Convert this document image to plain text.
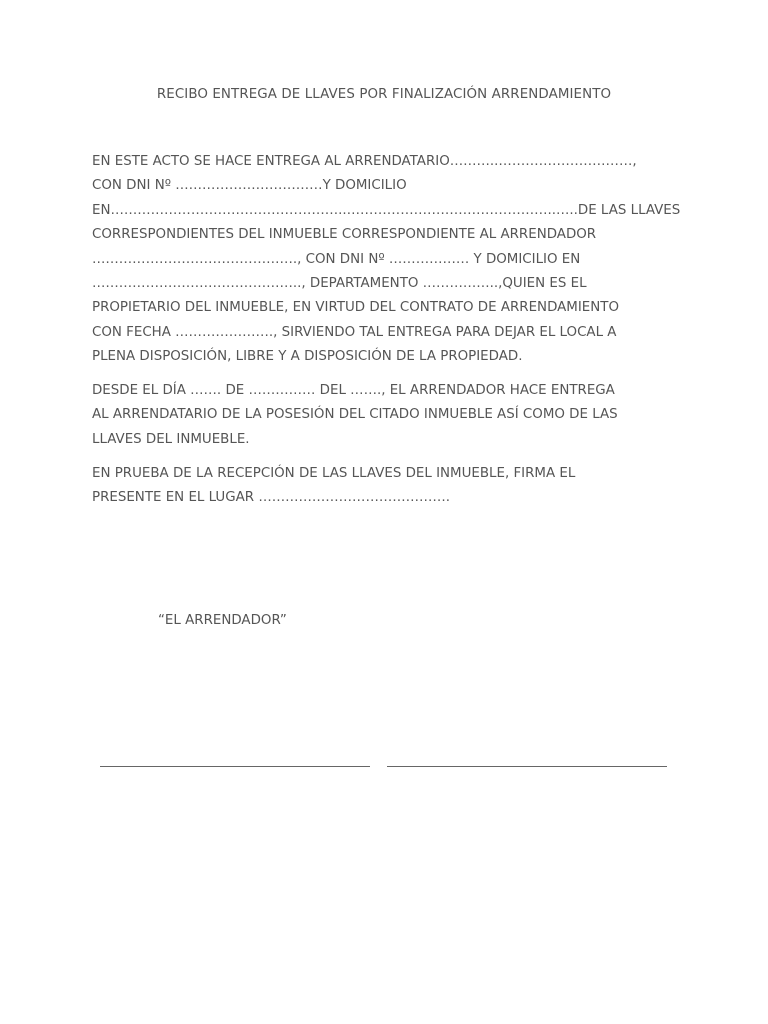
RECIBO ENTREGA DE LLAVES POR FINALIZACIÓN ARRENDAMIENTO
EN ESTE ACTO SE HACE ENTREGA AL ARRENDATARIO………..…………………………,
CON DNI Nº ……………………………Y DOMICILIO
EN……………………………………………..………………………………………..…..DE LAS LLAVES
CORRESPONDIENTES DEL INMUEBLE CORRESPONDIENTE AL ARRENDADOR
………………………………………., CON DNI Nº ……………… Y DOMICILIO EN
……………………………………….., DEPARTAMENTO ……………..,QUIEN ES EL
PROPIETARIO DEL INMUEBLE, EN VIRTUD DEL CONTRATO DE ARRENDAMIENTO
CON FECHA …………………., SIRVIENDO TAL ENTREGA PARA DEJAR EL LOCAL A
PLENA DISPOSICIÓN, LIBRE Y A DISPOSICIÓN DE LA PROPIEDAD.
DESDE EL DÍA ……. DE …………… DEL ……., EL ARRENDADOR HACE ENTREGA
AL ARRENDATARIO DE LA POSESIÓN DEL CITADO INMUEBLE ASÍ COMO DE LAS
LLAVES DEL INMUEBLE.
EN PRUEBA DE LA RECEPCIÓN DE LAS LLAVES DEL INMUEBLE, FIRMA EL
PRESENTE EN EL LUGAR …………………………………….
“EL ARRENDADOR”
